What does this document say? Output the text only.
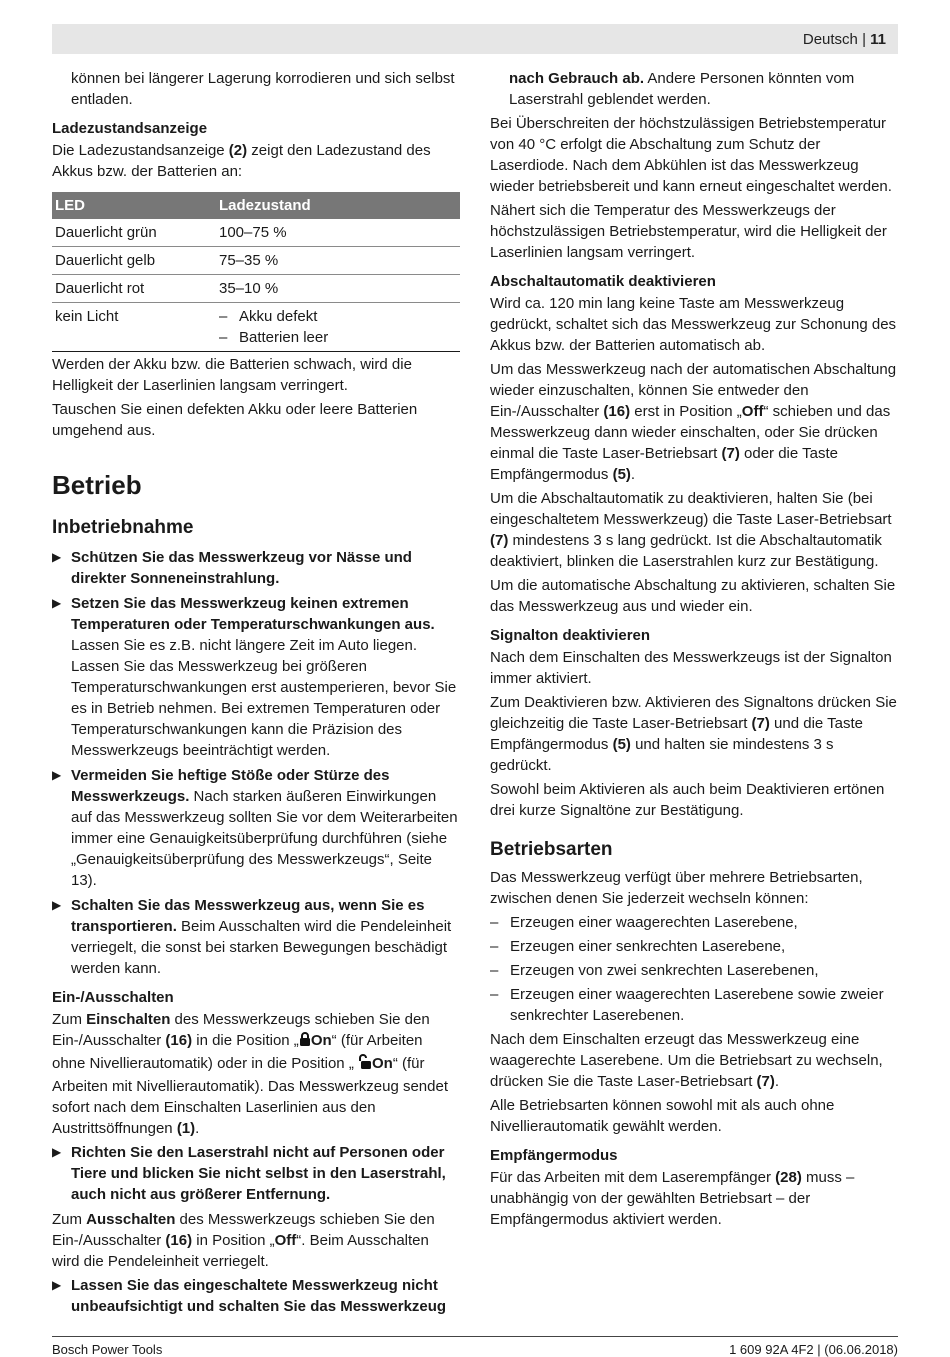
Deutsch | 11

können bei längerer Lagerung korrodieren und sich selbst entladen.

Ladezustandsanzeige

Die Ladezustandsanzeige (2) zeigt den Ladezustand des Akkus bzw. der Batterien an:

LED	Ladezustand
Dauerlicht grün	100–75 %
Dauerlicht gelb	75–35 %
Dauerlicht rot	35–10 %
kein Licht	– Akku defekt
– Batterien leer

Werden der Akku bzw. die Batterien schwach, wird die Helligkeit der Laserlinien langsam verringert.

Tauschen Sie einen defekten Akku oder leere Batterien umgehend aus.

Betrieb
Inbetriebnahme
▶ Schützen Sie das Messwerkzeug vor Nässe und direkter Sonneneinstrahlung.
▶ Setzen Sie das Messwerkzeug keinen extremen Temperaturen oder Temperaturschwankungen aus. Lassen Sie es z.B. nicht längere Zeit im Auto liegen. Lassen Sie das Messwerkzeug bei größeren Temperaturschwankungen erst austemperieren, bevor Sie es in Betrieb nehmen. Bei extremen Temperaturen oder Temperaturschwankungen kann die Präzision des Messwerkzeugs beeinträchtigt werden.
▶ Vermeiden Sie heftige Stöße oder Stürze des Messwerkzeugs. Nach starken äußeren Einwirkungen auf das Messwerkzeug sollten Sie vor dem Weiterarbeiten immer eine Genauigkeitsüberprüfung durchführen (siehe „Genauigkeitsüberprüfung des Messwerkzeugs“, Seite 13).
▶ Schalten Sie das Messwerkzeug aus, wenn Sie es transportieren. Beim Ausschalten wird die Pendeleinheit verriegelt, die sonst bei starken Bewegungen beschädigt werden kann.
Ein-/Ausschalten

Zum Einschalten des Messwerkzeugs schieben Sie den Ein-/Ausschalter (16) in die Position „ On“ (für Arbeiten ohne Nivellierautomatik) oder in die Position „ On“ (für Arbeiten mit Nivellierautomatik). Das Messwerkzeug sendet sofort nach dem Einschalten Laserlinien aus den Austrittsöffnungen (1).

▶ Richten Sie den Laserstrahl nicht auf Personen oder Tiere und blicken Sie nicht selbst in den Laserstrahl, auch nicht aus größerer Entfernung.

Zum Ausschalten des Messwerkzeugs schieben Sie den Ein-/Ausschalter (16) in Position „Off“. Beim Ausschalten wird die Pendeleinheit verriegelt.

▶ Lassen Sie das eingeschaltete Messwerkzeug nicht unbeaufsichtigt und schalten Sie das Messwerkzeug

nach Gebrauch ab. Andere Personen könnten vom Laserstrahl geblendet werden.

Bei Überschreiten der höchstzulässigen Betriebstemperatur von 40 °C erfolgt die Abschaltung zum Schutz der Laserdiode. Nach dem Abkühlen ist das Messwerkzeug wieder betriebsbereit und kann erneut eingeschaltet werden.

Nähert sich die Temperatur des Messwerkzeugs der höchstzulässigen Betriebstemperatur, wird die Helligkeit der Laserlinien langsam verringert.

Abschaltautomatik deaktivieren

Wird ca. 120 min lang keine Taste am Messwerkzeug gedrückt, schaltet sich das Messwerkzeug zur Schonung des Akkus bzw. der Batterien automatisch ab.

Um das Messwerkzeug nach der automatischen Abschaltung wieder einzuschalten, können Sie entweder den Ein-/Ausschalter (16) erst in Position „Off“ schieben und das Messwerkzeug dann wieder einschalten, oder Sie drücken einmal die Taste Laser-Betriebsart (7) oder die Taste Empfängermodus (5).

Um die Abschaltautomatik zu deaktivieren, halten Sie (bei eingeschaltetem Messwerkzeug) die Taste Laser-Betriebsart (7) mindestens 3 s lang gedrückt. Ist die Abschaltautomatik deaktiviert, blinken die Laserstrahlen kurz zur Bestätigung.

Um die automatische Abschaltung zu aktivieren, schalten Sie das Messwerkzeug aus und wieder ein.

Signalton deaktivieren

Nach dem Einschalten des Messwerkzeugs ist der Signalton immer aktiviert.

Zum Deaktivieren bzw. Aktivieren des Signaltons drücken Sie gleichzeitig die Taste Laser-Betriebsart (7) und die Taste Empfängermodus (5) und halten sie mindestens 3 s gedrückt.

Sowohl beim Aktivieren als auch beim Deaktivieren ertönen drei kurze Signaltöne zur Bestätigung.

Betriebsarten

Das Messwerkzeug verfügt über mehrere Betriebsarten, zwischen denen Sie jederzeit wechseln können:

– Erzeugen einer waagerechten Laserebene,
– Erzeugen einer senkrechten Laserebene,
– Erzeugen von zwei senkrechten Laserebenen,
– Erzeugen einer waagerechten Laserebene sowie zweier senkrechter Laserebenen.

Nach dem Einschalten erzeugt das Messwerkzeug eine waagerechte Laserebene. Um die Betriebsart zu wechseln, drücken Sie die Taste Laser-Betriebsart (7).

Alle Betriebsarten können sowohl mit als auch ohne Nivellierautomatik gewählt werden.

Empfängermodus

Für das Arbeiten mit dem Laserempfänger (28) muss – unabhängig von der gewählten Betriebsart – der Empfängermodus aktiviert werden.

Bosch Power Tools	1 609 92A 4F2 | (06.06.2018)
